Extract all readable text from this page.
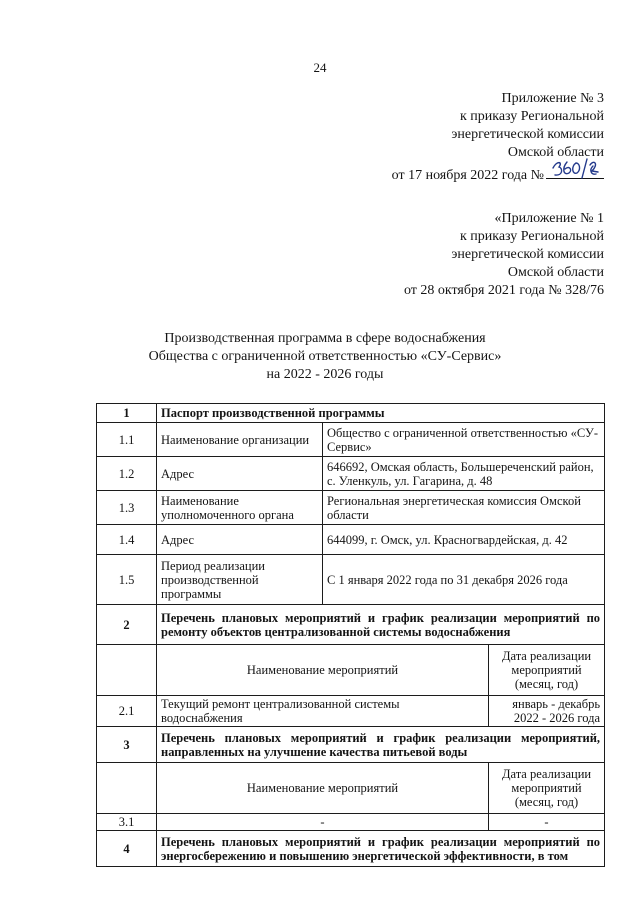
24
Приложение № 3
к приказу Региональной
энергетической комиссии
Омской области
от 17 ноября 2022 года №
«Приложение № 1
к приказу Региональной
энергетической комиссии
Омской области
от 28 октября 2021 года № 328/76
Производственная программа в сфере водоснабжения
Общества с ограниченной ответственностью «СУ-Сервис»
на 2022 - 2026 годы
1	Паспорт производственной программы		
1.1	Наименование организации	Общество с ограниченной ответственностью «СУ-Сервис»	
1.2	Адрес	646692, Омская область, Большереченский район, с. Уленкуль, ул. Гагарина, д. 48	
1.3	Наименование уполномоченного органа	Региональная энергетическая комиссия Омской области	
1.4	Адрес	644099, г. Омск, ул. Красногвардейская, д. 42	
1.5	Период реализации производственной программы	С 1 января 2022 года по 31 декабря 2026 года	
2	Перечень плановых мероприятий и график реализации мероприятий по ремонту объектов централизованной системы водоснабжения		
	Наименование мероприятий		Дата реализации мероприятий (месяц, год)
2.1	Текущий ремонт централизованной системы водоснабжения		январь - декабрь 2022 - 2026 года
3	Перечень плановых мероприятий и график реализации мероприятий, направленных на улучшение качества питьевой воды		
	Наименование мероприятий		Дата реализации мероприятий (месяц, год)
3.1	-		-
4	Перечень плановых мероприятий и график реализации мероприятий по энергосбережению и повышению энергетической эффективности, в том		
